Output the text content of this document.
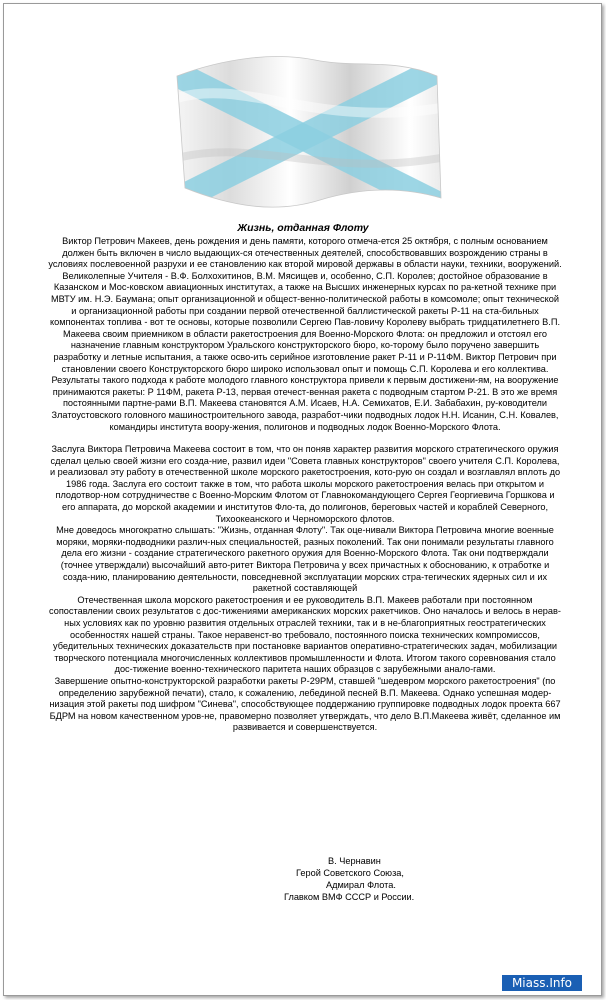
Жизнь, отданная Флоту

Виктор Петрович Макеев, день рождения и день памяти, которого отмеча-ется 25 октября, с полным основанием должен быть включен в число выдающих-ся отечественных деятелей, способствовавших возрождению страны в условиях послевоенной разрухи и ее становлению как второй мировой державы в области науки, техники, вооружений. Великолепные Учителя - В.Ф. Болхохитинов, В.М. Мясищев и, особенно, С.П. Королев; достойное образование в Казанском и Мос-ковском авиационных институтах, а также на Высших инженерных курсах по ра-кетной технике при МВТУ им. Н.Э. Баумана; опыт организационной и общест-венно-политической работы в комсомоле; опыт технической и организационной работы при создании первой отечественной баллистической ракеты Р-11 на ста-бильных компонентах топлива - вот те основы, которые позволили Сергею Пав-ловичу Королеву выбрать тридцатилетнего В.П. Макеева своим приемником в области ракетостроения для Военно-Морского Флота: он предложил и отстоял его назначение главным конструктором Уральского конструкторского бюро, ко-торому было поручено завершить разработку и летные испытания, а также осво-ить серийное изготовление ракет Р-11 и Р-11ФМ. Виктор Петрович при становлении своего Конструкторского бюро широко использовал опыт и помощь С.П. Королева и его коллектива. Результаты такого подхода к работе молодого главного конструктора привели к первым достижени-ям, на вооружение принимаются ракеты: Р 11ФМ, ракета Р-13, первая отечест-венная ракета с подводным стартом Р-21. В это же время постоянными партне-рами В.П. Макеева становятся А.М. Исаев, Н.А. Семихатов, Е.И. Забабахин, ру-ководители Златоустовского головного машиностроительного завода, разработ-чики подводных лодок Н.Н. Исанин, С.Н. Ковалев, командиры института воору-жения, полигонов и подводных лодок Военно-Морского Флота.

Заслуга Виктора Петровича Макеева состоит в том, что он поняв характер развития морского стратегического оружия сделал целью своей жизни его созда-ние, развил идеи "Совета главных конструкторов" своего учителя С.П. Королева, и реализовал эту работу в отечественной школе морского ракетостроения, кото-рую он создал и возглавлял вплоть до 1986 года. Заслуга его состоит также в том, что работа школы морского ракетостроения велась при открытом и плодотвор-ном сотрудничестве с Военно-Морским Флотом от Главнокомандующего Сергея Георгиевича Горшкова и его аппарата, до морской академии и институтов Фло-та, до полигонов, береговых частей и кораблей Северного, Тихоокеанского и Черноморского флотов.

Мне доведось многократно слышать: "Жизнь, отданная Флоту". Так оце-нивали Виктора Петровича многие военные моряки, моряки-подводники различ-ных специальностей, разных поколений. Так они понимали результаты главного дела его жизни - создание стратегического ракетного оружия для Военно-Морского Флота. Так они подтверждали (точнее утверждали) высочайший авто-ритет Виктора Петровича у всех причастных к обоснованию, к отработке и созда-нию, планированию деятельности, повседневной эксплуатации морских стра-тегических ядерных сил и их ракетной составляющей

Отечественная школа морского ракетостроения и ее руководитель В.П. Макеев работали при постоянном сопоставлении своих результатов с дос-тижениями американских морских ракетчиков. Оно началось и велось в нерав-ных условиях как по уровню развития отдельных отраслей техники, так и в не-благоприятных геостратегических особенностях нашей страны. Такое неравенст-во требовало, постоянного поиска технических компромиссов, убедительных технических доказательств при постановке вариантов оперативно-стратегических задач, мобилизации творческого потенциала многочисленных коллективов промышленности и Флота. Итогом такого соревнования стало дос-тижение военно-технического паритета наших образцов с зарубежными анало-гами.

Завершение опытно-конструкторской разработки ракеты Р-29РМ, ставшей "шедевром морского ракетостроения" (по определению зарубежной печати), стало, к сожалению, лебединой песней В.П. Макеева. Однако успешная модер-низация этой ракеты под шифром "Синева", способствующее поддержанию группировке подводных лодок проекта 667 БДРМ на новом качественном уров-не, правомерно позволяет утверждать, что дело В.П.Макеева живёт, сделанное им развивается и совершенствуется.

В. Чернавин
Герой Советского Союза,
Адмирал Флота.
Главком ВМФ СССР и России.
Miass.Info
